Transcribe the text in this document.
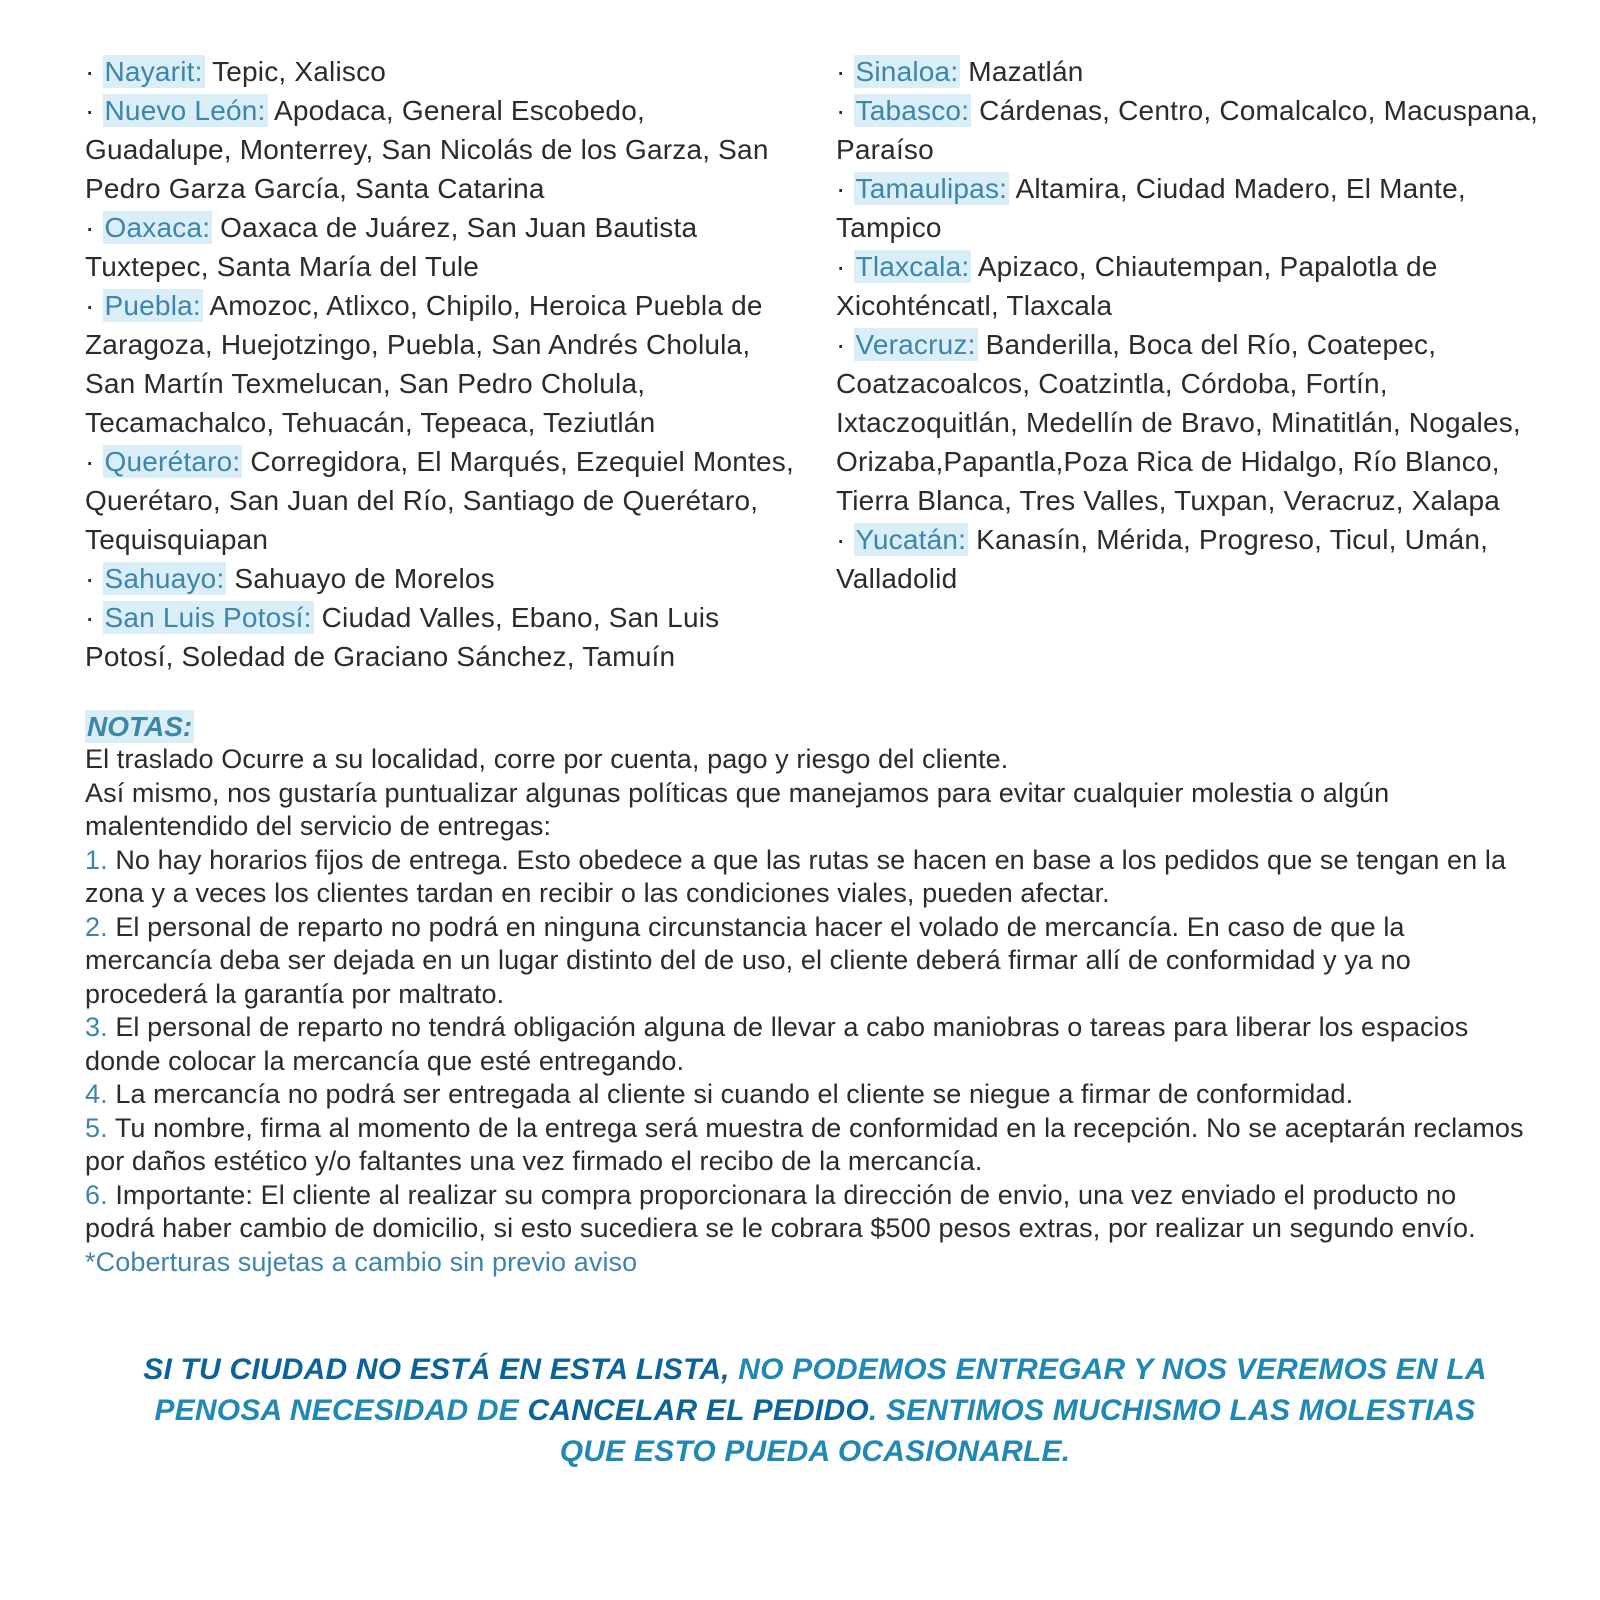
· Nayarit: Tepic, Xalisco

· Nuevo León: Apodaca, General Escobedo, Guadalupe, Monterrey, San Nicolás de los Garza, San Pedro Garza García, Santa Catarina

· Oaxaca: Oaxaca de Juárez, San Juan Bautista Tuxtepec, Santa María del Tule

· Puebla: Amozoc, Atlixco, Chipilo, Heroica Puebla de Zaragoza, Huejotzingo, Puebla, San Andrés Cholula, San Martín Texmelucan, San Pedro Cholula, Tecamachalco, Tehuacán, Tepeaca, Teziutlán

· Querétaro: Corregidora, El Marqués, Ezequiel Montes, Querétaro, San Juan del Río, Santiago de Querétaro, Tequisquiapan

· Sahuayo: Sahuayo de Morelos

· San Luis Potosí: Ciudad Valles, Ebano, San Luis Potosí, Soledad de Graciano Sánchez, Tamuín

· Sinaloa: Mazatlán

· Tabasco: Cárdenas, Centro, Comalcalco, Macuspana, Paraíso

· Tamaulipas: Altamira, Ciudad Madero, El Mante, Tampico

· Tlaxcala: Apizaco, Chiautempan, Papalotla de Xicohténcatl, Tlaxcala

· Veracruz: Banderilla, Boca del Río, Coatepec, Coatzacoalcos, Coatzintla, Córdoba, Fortín, Ixtaczoquitlán, Medellín de Bravo, Minatitlán, Nogales, Orizaba,Papantla,Poza Rica de Hidalgo, Río Blanco, Tierra Blanca, Tres Valles, Tuxpan, Veracruz, Xalapa

· Yucatán: Kanasín, Mérida, Progreso, Ticul, Umán, Valladolid

NOTAS:

El traslado Ocurre a su localidad, corre por cuenta, pago y riesgo del cliente.

Así mismo, nos gustaría puntualizar algunas políticas que manejamos para evitar cualquier molestia o algún malentendido del servicio de entregas:

1. No hay horarios fijos de entrega. Esto obedece a que las rutas se hacen en base a los pedidos que se tengan en la zona y a veces los clientes tardan en recibir o las condiciones viales, pueden afectar.

2. El personal de reparto no podrá en ninguna circunstancia hacer el volado de mercancía. En caso de que la mercancía deba ser dejada en un lugar distinto del de uso, el cliente deberá firmar allí de conformidad y ya no procederá la garantía por maltrato.

3. El personal de reparto no tendrá obligación alguna de llevar a cabo maniobras o tareas para liberar los espacios donde colocar la mercancía que esté entregando.

4. La mercancía no podrá ser entregada al cliente si cuando el cliente se niegue a firmar de conformidad.

5. Tu nombre, firma al momento de la entrega será muestra de conformidad en la recepción. No se aceptarán reclamos por daños estético y/o faltantes una vez firmado el recibo de la mercancía.

6. Importante: El cliente al realizar su compra proporcionara la dirección de envio, una vez enviado el producto no podrá haber cambio de domicilio, si esto sucediera se le cobrara $500 pesos extras, por realizar un segundo envío.

*Coberturas sujetas a cambio sin previo aviso

SI TU CIUDAD NO ESTÁ EN ESTA LISTA, NO PODEMOS ENTREGAR Y NOS VEREMOS EN LA PENOSA NECESIDAD DE CANCELAR EL PEDIDO. SENTIMOS MUCHISMO LAS MOLESTIAS QUE ESTO PUEDA OCASIONARLE.
